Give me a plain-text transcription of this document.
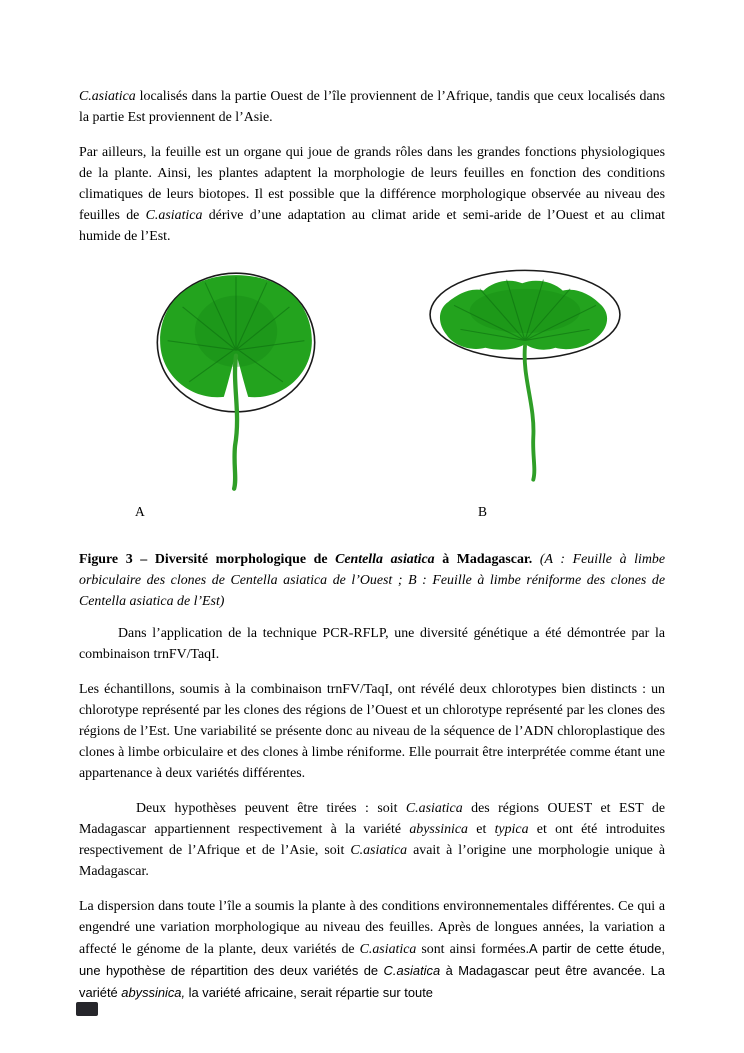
C.asiatica localisés dans la partie Ouest de l’île proviennent de l’Afrique, tandis que ceux localisés dans la partie Est proviennent de l’Asie.

Par ailleurs, la feuille est un organe qui joue de grands rôles dans les grandes fonctions physiologiques de la plante. Ainsi, les plantes adaptent la morphologie de leurs feuilles en fonction des conditions climatiques de leurs biotopes. Il est possible que la différence morphologique observée au niveau des feuilles de C.asiatica dérive d’une adaptation au climat aride et semi-aride de l’Ouest et au climat humide de l’Est.

A	B

Figure 3 – Diversité morphologique de Centella asiatica à Madagascar. (A : Feuille à limbe orbiculaire des clones de Centella asiatica de l’Ouest ; B : Feuille à limbe réniforme des clones de Centella asiatica de l’Est)

Dans l’application de la technique PCR-RFLP, une diversité génétique a été démontrée par la combinaison trnFV/TaqI.

Les échantillons, soumis à la combinaison trnFV/TaqI, ont révélé deux chlorotypes bien distincts : un chlorotype représenté par les clones des régions de l’Ouest et un chlorotype représenté par les clones des régions de l’Est. Une variabilité se présente donc au niveau de la séquence de l’ADN chloroplastique des clones à limbe orbiculaire et des clones à limbe réniforme. Elle pourrait être interprétée comme étant une appartenance à deux variétés différentes.

Deux hypothèses peuvent être tirées : soit C.asiatica des régions OUEST et EST de Madagascar appartiennent respectivement à la variété abyssinica et typica et ont été introduites respectivement de l’Afrique et de l’Asie, soit C.asiatica avait à l’origine une morphologie unique à Madagascar.

La dispersion dans toute l’île a soumis la plante à des conditions environnementales différentes. Ce qui a engendré une variation morphologique au niveau des feuilles. Après de longues années, la variation a affecté le génome de la plante, deux variétés de C.asiatica sont ainsi formées.A partir de cette étude, une hypothèse de répartition des deux variétés de C.asiatica à Madagascar peut être avancée. La variété abyssinica, la variété africaine, serait répartie sur toute
